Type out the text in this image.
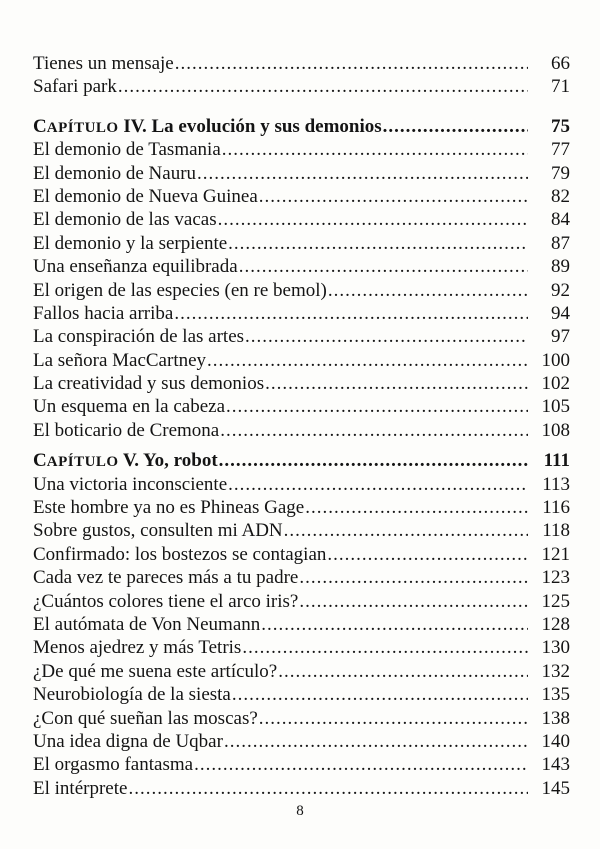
Tienes un mensaje .....	66
Safari park .....	71
CAPÍTULO IV. La evolución y sus demonios .....	75
El demonio de Tasmania .....	77
El demonio de Nauru .....	79
El demonio de Nueva Guinea .....	82
El demonio de las vacas .....	84
El demonio y la serpiente .....	87
Una enseñanza equilibrada .....	89
El origen de las especies (en re bemol) .....	92
Fallos hacia arriba .....	94
La conspiración de las artes .....	97
La señora MacCartney .....	100
La creatividad y sus demonios .....	102
Un esquema en la cabeza .....	105
El boticario de Cremona .....	108
CAPÍTULO V. Yo, robot .....	111
Una victoria inconsciente .....	113
Este hombre ya no es Phineas Gage .....	116
Sobre gustos, consulten mi ADN .....	118
Confirmado: los bostezos se contagian .....	121
Cada vez te pareces más a tu padre .....	123
¿Cuántos colores tiene el arco iris? .....	125
El autómata de Von Neumann .....	128
Menos ajedrez y más Tetris .....	130
¿De qué me suena este artículo? .....	132
Neurobiología de la siesta .....	135
¿Con qué sueñan las moscas? .....	138
Una idea digna de Uqbar .....	140
El orgasmo fantasma .....	143
El intérprete .....	145
8
